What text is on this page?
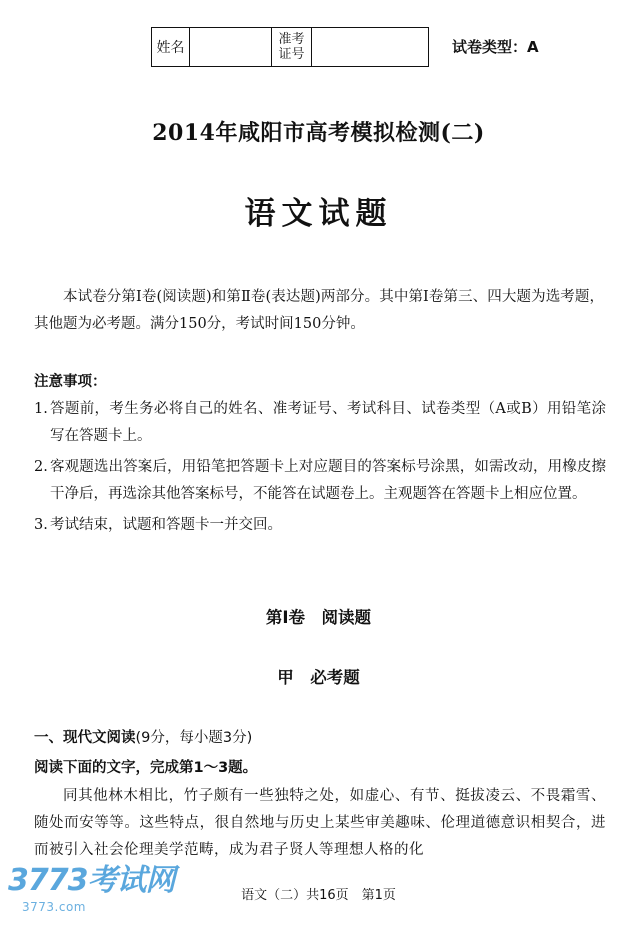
姓名
准考
证号	试卷类型：A
2014年咸阳市高考模拟检测(二)
语文试题
本试卷分第Ⅰ卷(阅读题)和第Ⅱ卷(表达题)两部分。其中第Ⅰ卷第三、四大题为选考题，其他题为必考题。满分150分，考试时间150分钟。
注意事项：
1. 答题前，考生务必将自己的姓名、准考证号、考试科目、试卷类型（A或B）用铅笔涂写在答题卡上。
2. 客观题选出答案后，用铅笔把答题卡上对应题目的答案标号涂黑，如需改动，用橡皮擦干净后，再选涂其他答案标号，不能答在试题卷上。主观题答在答题卡上相应位置。
3. 考试结束，试题和答题卡一并交回。
第Ⅰ卷　阅读题
甲　必考题
一、现代文阅读(9分，每小题3分)
阅读下面的文字，完成第1～3题。
同其他林木相比，竹子颇有一些独特之处，如虚心、有节、挺拔凌云、不畏霜雪、随处而安等等。这些特点，很自然地与历史上某些审美趣味、伦理道德意识相契合，进而被引入社会伦理美学范畴，成为君子贤人等理想人格的化
3773考试网
3773.com
语文（二）共16页　第1页
